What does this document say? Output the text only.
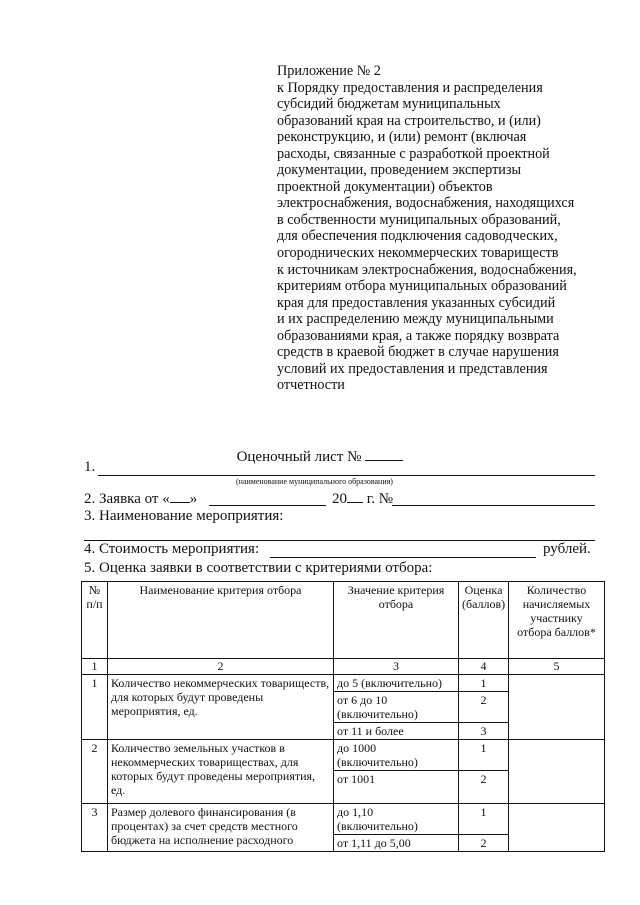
Приложение № 2
к Порядку предоставления и распределения
субсидий бюджетам муниципальных
образований края на строительство, и (или)
реконструкцию, и (или) ремонт (включая
расходы, связанные с разработкой проектной
документации, проведением экспертизы
проектной документации) объектов
электроснабжения, водоснабжения, находящихся
в собственности муниципальных образований,
для обеспечения подключения садоводческих,
огороднических некоммерческих товариществ
к источникам электроснабжения, водоснабжения,
критериям отбора муниципальных образований
края для предоставления указанных субсидий
и их распределению между муниципальными
образованиями края, а также порядку возврата
средств в краевой бюджет в случае нарушения
условий их предоставления и представления
отчетности
Оценочный лист №
1.
(наименование муниципального образования)
2. Заявка от « »	20 г. №
3. Наименование мероприятия:
4. Стоимость мероприятия:	рублей.
5. Оценка заявки в соответствии с критериями отбора:
№ п/п	Наименование критерия отбора	Значение критерия отбора	Оценка (баллов)	Количество начисляемых участнику отбора баллов*
1	2	3	4	5
1	Количество некоммерческих товариществ, для которых будут проведены мероприятия, ед.	до 5 (включительно)	1	
		от 6 до 10 (включительно)	2	
		от 11 и более	3	
2	Количество земельных участков в некоммерческих товариществах, для которых будут проведены мероприятия, ед.	до 1000 (включительно)	1	
		от 1001	2	
3	Размер долевого финансирования (в процентах) за счет средств местного бюджета на исполнение расходного	до 1,10 (включительно)	1	
		от 1,11 до 5,00	2	
